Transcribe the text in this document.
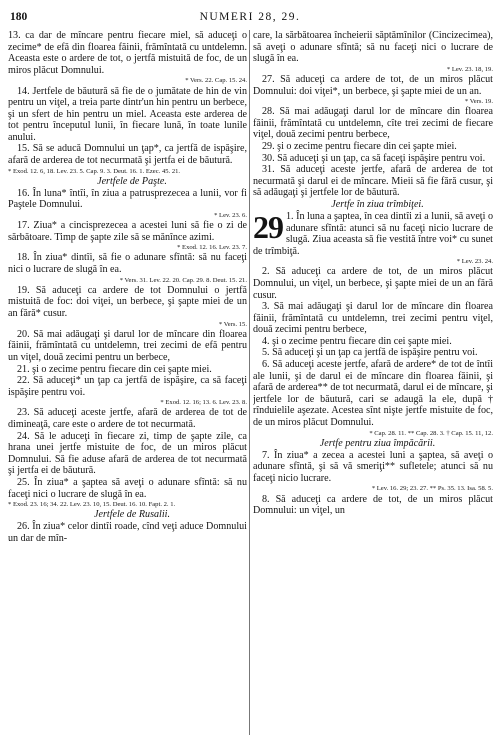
180	NUMERI 28, 29.

13. ca dar de mîncare pentru fiecare miel, să aduceţi o zecime* de efă din floarea făinii, frămîntată cu untdelemn. Aceasta este o ardere de tot, o jertfă mistuită de foc, de un miros plăcut Domnului.

* Vers. 22. Cap. 15. 24.

14. Jertfele de băutură să fie de o jumătate de hin de vin pentru un viţel, a treia parte dintr'un hin pentru un berbece, şi un sfert de hin pentru un miel. Aceasta este arderea de tot pentru începutul lunii, în fiecare lună, în toate lunile anului.

15. Să se aducă Domnului un ţap*, ca jertfă de ispăşire, afară de arderea de tot necurmată şi jertfa ei de băutură.

* Exod. 12. 6, 18. Lev. 23. 5. Cap. 9. 3. Deut. 16. 1. Ezec. 45. 21.

Jertfele de Paşte.

16. În luna* întîi, în ziua a patrusprezecea a lunii, vor fi Paştele Domnului.

* Lev. 23. 6.

17. Ziua* a cincisprezecea a acestei luni să fie o zi de sărbătoare. Timp de şapte zile să se mănînce azimi.

* Exod. 12. 16. Lev. 23. 7.

18. În ziua* dintîi, să fie o adunare sfîntă: să nu faceţi nici o lucrare de slugă în ea.

* Vers. 31. Lev. 22. 20. Cap. 29. 8. Deut. 15. 21.

19. Să aduceţi ca ardere de tot Domnului o jertfă mistuită de foc: doi viţei, un berbece, şi şapte miei de un an fără* cusur.

* Vers. 15.

20. Să mai adăugaţi şi darul lor de mîncare din floarea făinii, frămîntată cu untdelemn, trei zecimi de efă pentru un viţel, două zecimi pentru un berbece,

21. şi o zecime pentru fiecare din cei şapte miei.

22. Să aduceţi* un ţap ca jertfă de ispăşire, ca să faceţi ispăşire pentru voi.

* Exod. 12. 16; 13. 6. Lev. 23. 8.

23. Să aduceţi aceste jertfe, afară de arderea de tot de dimineaţă, care este o ardere de tot necurmată.

24. Să le aduceţi în fiecare zi, timp de şapte zile, ca hrana unei jertfe mistuite de foc, de un miros plăcut Domnului. Să fie aduse afară de arderea de tot necurmată şi jertfa ei de băutură.

25. În ziua* a şaptea să aveţi o adunare sfîntă: să nu faceţi nici o lucrare de slugă în ea.

* Exod. 23. 16; 34. 22. Lev. 23. 10, 15. Deut. 16. 10. Fapt. 2. 1.

Jertfele de Rusalii.

26. În ziua* celor dintîi roade, cînd veţi aduce Domnului un dar de mîn-

care, la sărbătoarea încheierii săptămînilor (Cincizecimea), să aveţi o adunare sfîntă; să nu faceţi nici o lucrare de slugă în ea.

* Lev. 23. 18, 19.

27. Să aduceţi ca ardere de tot, de un miros plăcut Domnului: doi viţei*, un berbece, şi şapte miei de un an.

* Vers. 19.

28. Să mai adăugaţi darul lor de mîncare din floarea făinii, frămîntată cu untdelemn, cîte trei zecimi de fiecare viţel, două zecimi pentru berbece,

29. şi o zecime pentru fiecare din cei şapte miei.

30. Să aduceţi şi un ţap, ca să faceţi ispăşire pentru voi.

31. Să aduceţi aceste jertfe, afară de arderea de tot necurmată şi darul ei de mîncare. Mieii să fie fără cusur, şi să adăugaţi şi jertfele lor de băutură.

Jertfe în ziua trîmbiţei.

29 1. În luna a şaptea, în cea dintîi zi a lunii, să aveţi o adunare sfîntă: atunci să nu faceţi nicio lucrare de slugă. Ziua aceasta să fie vestită între voi* cu sunet de trîmbiţă.

* Lev. 23. 24.

2. Să aduceţi ca ardere de tot, de un miros plăcut Domnului, un viţel, un berbece, şi şapte miei de un an fără cusur.

3. Să mai adăugaţi şi darul lor de mîncare din floarea făinii, frămîntată cu untdelemn, trei zecimi pentru viţel, două zecimi pentru berbece,

4. şi o zecime pentru fiecare din cei şapte miei.

5. Să aduceţi şi un ţap ca jertfă de ispăşire pentru voi.

6. Să aduceţi aceste jertfe, afară de ardere* de tot de întîi ale lunii, şi de darul ei de mîncare din floarea făinii, şi afară de arderea** de tot necurmată, darul ei de mîncare, şi jertfele lor de băutură, cari se adaugă la ele, după † rînduielile aşezate. Acestea sînt nişte jertfe mistuite de foc, de un miros plăcut Domnului.

* Cap. 28. 11. ** Cap. 28. 3. † Cap. 15. 11, 12.

Jertfe pentru ziua împăcării.

7. În ziua* a zecea a acestei luni a şaptea, să aveţi o adunare sfîntă, şi să vă smeriţi** sufletele; atunci să nu faceţi nicio lucrare.

* Lev. 16. 29; 23. 27. ** Ps. 35. 13. Isa. 58. 5.

8. Să aduceţi ca ardere de tot, de un miros plăcut Domnului: un viţel, un
